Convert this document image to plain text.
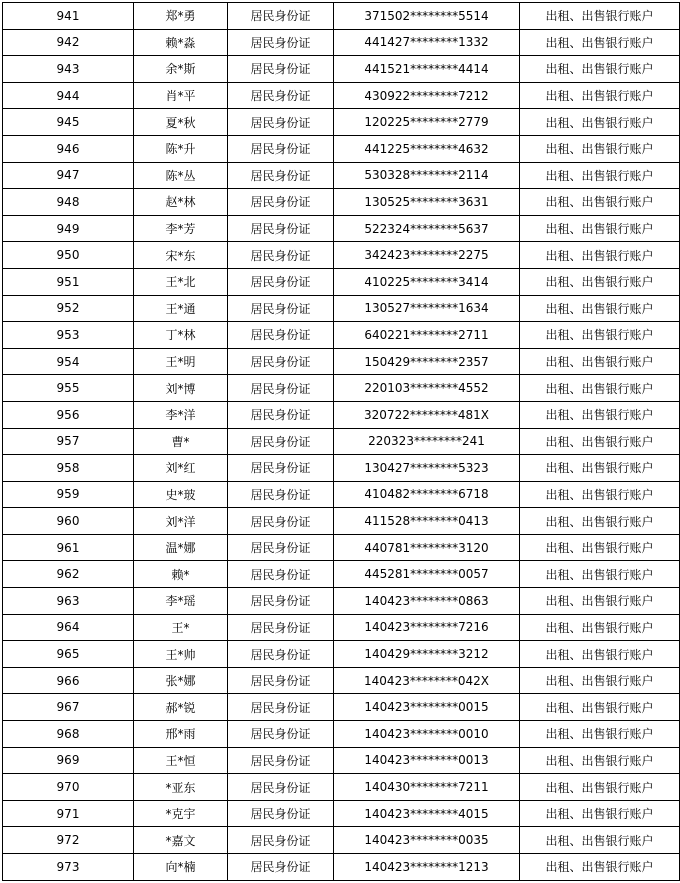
941	郑*勇	居民身份证	371502********5514	出租、出售银行账户
942	赖*淼	居民身份证	441427********1332	出租、出售银行账户
943	余*斯	居民身份证	441521********4414	出租、出售银行账户
944	肖*平	居民身份证	430922********7212	出租、出售银行账户
945	夏*秋	居民身份证	120225********2779	出租、出售银行账户
946	陈*升	居民身份证	441225********4632	出租、出售银行账户
947	陈*丛	居民身份证	530328********2114	出租、出售银行账户
948	赵*林	居民身份证	130525********3631	出租、出售银行账户
949	李*芳	居民身份证	522324********5637	出租、出售银行账户
950	宋*东	居民身份证	342423********2275	出租、出售银行账户
951	王*北	居民身份证	410225********3414	出租、出售银行账户
952	王*通	居民身份证	130527********1634	出租、出售银行账户
953	丁*林	居民身份证	640221********2711	出租、出售银行账户
954	王*明	居民身份证	150429********2357	出租、出售银行账户
955	刘*博	居民身份证	220103********4552	出租、出售银行账户
956	李*洋	居民身份证	320722********481X	出租、出售银行账户
957	曹*	居民身份证	220323********241	出租、出售银行账户
958	刘*红	居民身份证	130427********5323	出租、出售银行账户
959	史*玻	居民身份证	410482********6718	出租、出售银行账户
960	刘*洋	居民身份证	411528********0413	出租、出售银行账户
961	温*娜	居民身份证	440781********3120	出租、出售银行账户
962	赖*	居民身份证	445281********0057	出租、出售银行账户
963	李*瑶	居民身份证	140423********0863	出租、出售银行账户
964	王*	居民身份证	140423********7216	出租、出售银行账户
965	王*帅	居民身份证	140429********3212	出租、出售银行账户
966	张*娜	居民身份证	140423********042X	出租、出售银行账户
967	郝*锐	居民身份证	140423********0015	出租、出售银行账户
968	邢*雨	居民身份证	140423********0010	出租、出售银行账户
969	王*恒	居民身份证	140423********0013	出租、出售银行账户
970	*亚东	居民身份证	140430********7211	出租、出售银行账户
971	*克宇	居民身份证	140423********4015	出租、出售银行账户
972	*嘉文	居民身份证	140423********0035	出租、出售银行账户
973	向*楠	居民身份证	140423********1213	出租、出售银行账户
